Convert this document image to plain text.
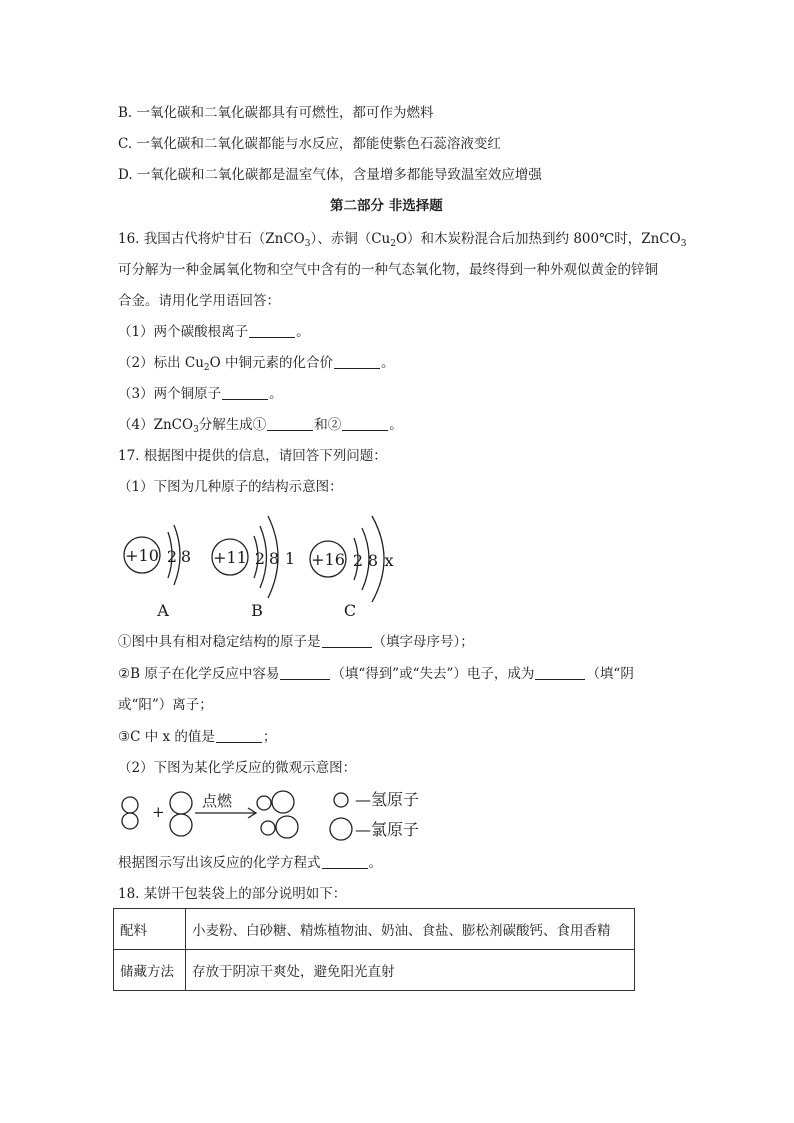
B. 一氧化碳和二氧化碳都具有可燃性，都可作为燃料
C. 一氧化碳和二氧化碳都能与水反应，都能使紫色石蕊溶液变红
D. 一氧化碳和二氧化碳都是温室气体，含量增多都能导致温室效应增强
第二部分 非选择题
16. 我国古代将炉甘石（ZnCO$_3$）、赤铜$(Cu_2O)$和木炭粉混合后加热到约 800℃时，ZnCO$_3$
可分解为一种金属氧化物和空气中含有的一种气态氧化物，最终得到一种外观似黄金的锌铜
合金。请用化学用语回答：
（1）两个碳酸根离子	。
（2）标出 $Cu_2O$ 中铜元素的化合价	。
（3）两个铜原子	。
（4）ZnCO$_3$分解生成①	和②	。
17. 根据图中提供的信息，请回答下列问题：
（1）下图为几种原子的结构示意图：
+10 2 8
A
+11 2 8 1
B
+16 2 8 x
C
①图中具有相对稳定结构的原子是	（填字母序号）；
②B 原子在化学反应中容易	（填“得到”或“失去”）电子，成为	（填“阴
或“阳”）离子；
③C 中 x 的值是	；
（2）下图为某化学反应的微观示意图：
+
点燃	—氢原子
—氯原子
根据图示写出该反应的化学方程式	。
18. 某饼干包装袋上的部分说明如下：
配料	小麦粉、白砂糖、精炼植物油、奶油、食盐、膨松剂碳酸钙、食用香精
储藏方法	存放于阴凉干爽处，避免阳光直射
